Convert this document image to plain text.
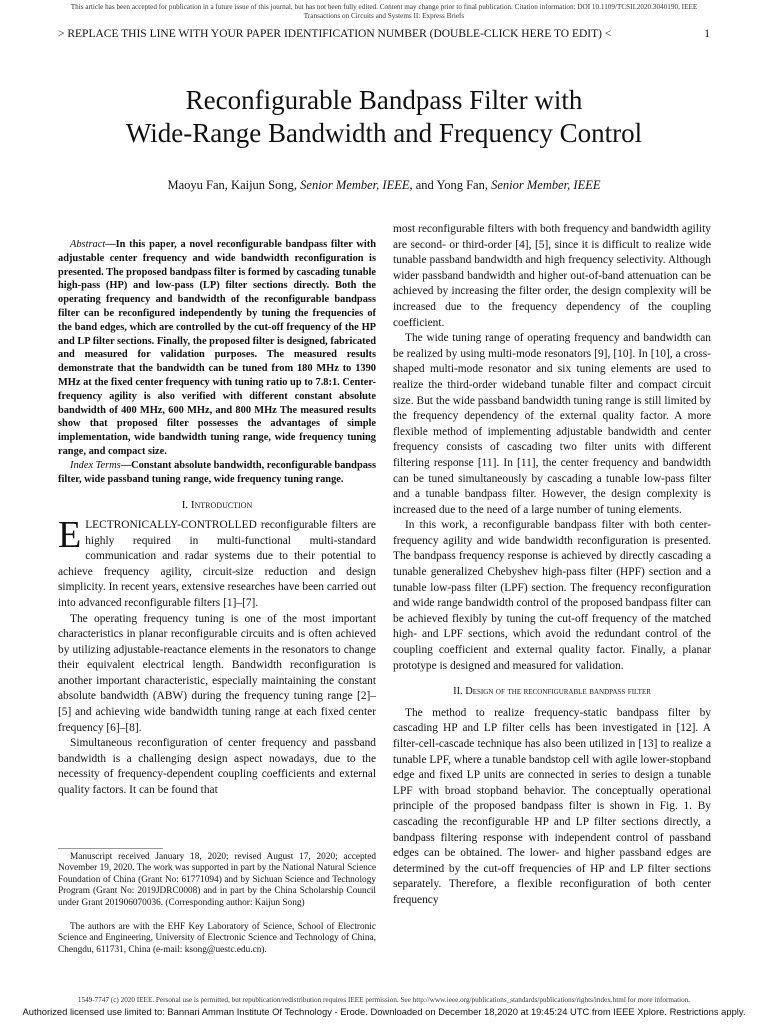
This article has been accepted for publication in a future issue of this journal, but has not been fully edited. Content may change prior to final publication. Citation information: DOI 10.1109/TCSII.2020.3040190, IEEE
Transactions on Circuits and Systems II: Express Briefs
> REPLACE THIS LINE WITH YOUR PAPER IDENTIFICATION NUMBER (DOUBLE-CLICK HERE TO EDIT) <	1
Reconfigurable Bandpass Filter with
Wide-Range Bandwidth and Frequency Control
Maoyu Fan, Kaijun Song, Senior Member, IEEE, and Yong Fan, Senior Member, IEEE

Abstract—In this paper, a novel reconfigurable bandpass filter with adjustable center frequency and wide bandwidth reconfiguration is presented. The proposed bandpass filter is formed by cascading tunable high-pass (HP) and low-pass (LP) filter sections directly. Both the operating frequency and bandwidth of the reconfigurable bandpass filter can be reconfigured independently by tuning the frequencies of the band edges, which are controlled by the cut-off frequency of the HP and LP filter sections. Finally, the proposed filter is designed, fabricated and measured for validation purposes. The measured results demonstrate that the bandwidth can be tuned from 180 MHz to 1390 MHz at the fixed center frequency with tuning ratio up to 7.8:1. Center-frequency agility is also verified with different constant absolute bandwidth of 400 MHz, 600 MHz, and 800 MHz The measured results show that proposed filter possesses the advantages of simple implementation, wide bandwidth tuning range, wide frequency tuning range, and compact size.

Index Terms—Constant absolute bandwidth, reconfigurable bandpass filter, wide passband tuning range, wide frequency tuning range.

I. Introduction

ELECTRONICALLY-CONTROLLED reconfigurable filters are highly required in multi-functional multi-standard communication and radar systems due to their potential to achieve frequency agility, circuit-size reduction and design simplicity. In recent years, extensive researches have been carried out into advanced reconfigurable filters [1]–[7].

The operating frequency tuning is one of the most important characteristics in planar reconfigurable circuits and is often achieved by utilizing adjustable-reactance elements in the resonators to change their equivalent electrical length. Bandwidth reconfiguration is another important characteristic, especially maintaining the constant absolute bandwidth (ABW) during the frequency tuning range [2]–[5] and achieving wide bandwidth tuning range at each fixed center frequency [6]–[8].

Simultaneous reconfiguration of center frequency and passband bandwidth is a challenging design aspect nowadays, due to the necessity of frequency-dependent coupling coefficients and external quality factors. It can be found that

Manuscript received January 18, 2020; revised August 17, 2020; accepted November 19, 2020. The work was supported in part by the National Natural Science Foundation of China (Grant No: 61771094) and by Sichuan Science and Technology Program (Grant No: 2019JDRC0008) and in part by the China Scholarship Council under Grant 201906070036. (Corresponding author: Kaijun Song)

The authors are with the EHF Key Laboratory of Science, School of Electronic Science and Engineering, University of Electronic Science and Technology of China, Chengdu, 611731, China (e-mail: ksong@uestc.edu.cn).

most reconfigurable filters with both frequency and bandwidth agility are second- or third-order [4], [5], since it is difficult to realize wide tunable passband bandwidth and high frequency selectivity. Although wider passband bandwidth and higher out-of-band attenuation can be achieved by increasing the filter order, the design complexity will be increased due to the frequency dependency of the coupling coefficient.

The wide tuning range of operating frequency and bandwidth can be realized by using multi-mode resonators [9], [10]. In [10], a cross-shaped multi-mode resonator and six tuning elements are used to realize the third-order wideband tunable filter and compact circuit size. But the wide passband bandwidth tuning range is still limited by the frequency dependency of the external quality factor. A more flexible method of implementing adjustable bandwidth and center frequency consists of cascading two filter units with different filtering response [11]. In [11], the center frequency and bandwidth can be tuned simultaneously by cascading a tunable low-pass filter and a tunable bandpass filter. However, the design complexity is increased due to the need of a large number of tuning elements.

In this work, a reconfigurable bandpass filter with both center-frequency agility and wide bandwidth reconfiguration is presented. The bandpass frequency response is achieved by directly cascading a tunable generalized Chebyshev high-pass filter (HPF) section and a tunable low-pass filter (LPF) section. The frequency reconfiguration and wide range bandwidth control of the proposed bandpass filter can be achieved flexibly by tuning the cut-off frequency of the matched high- and LPF sections, which avoid the redundant control of the coupling coefficient and external quality factor. Finally, a planar prototype is designed and measured for validation.

II. Design of the reconfigurable bandpass filter

The method to realize frequency-static bandpass filter by cascading HP and LP filter cells has been investigated in [12]. A filter-cell-cascade technique has also been utilized in [13] to realize a tunable LPF, where a tunable bandstop cell with agile lower-stopband edge and fixed LP units are connected in series to design a tunable LPF with broad stopband behavior. The conceptually operational principle of the proposed bandpass filter is shown in Fig. 1. By cascading the reconfigurable HP and LP filter sections directly, a bandpass filtering response with independent control of passband edges can be obtained. The lower- and higher passband edges are determined by the cut-off frequencies of HP and LP filter sections separately. Therefore, a flexible reconfiguration of both center frequency

1549-7747 (c) 2020 IEEE. Personal use is permitted, but republication/redistribution requires IEEE permission. See http://www.ieee.org/publications_standards/publications/rights/index.html for more information.
Authorized licensed use limited to: Bannari Amman Institute Of Technology - Erode. Downloaded on December 18,2020 at 19:45:24 UTC from IEEE Xplore. Restrictions apply.
